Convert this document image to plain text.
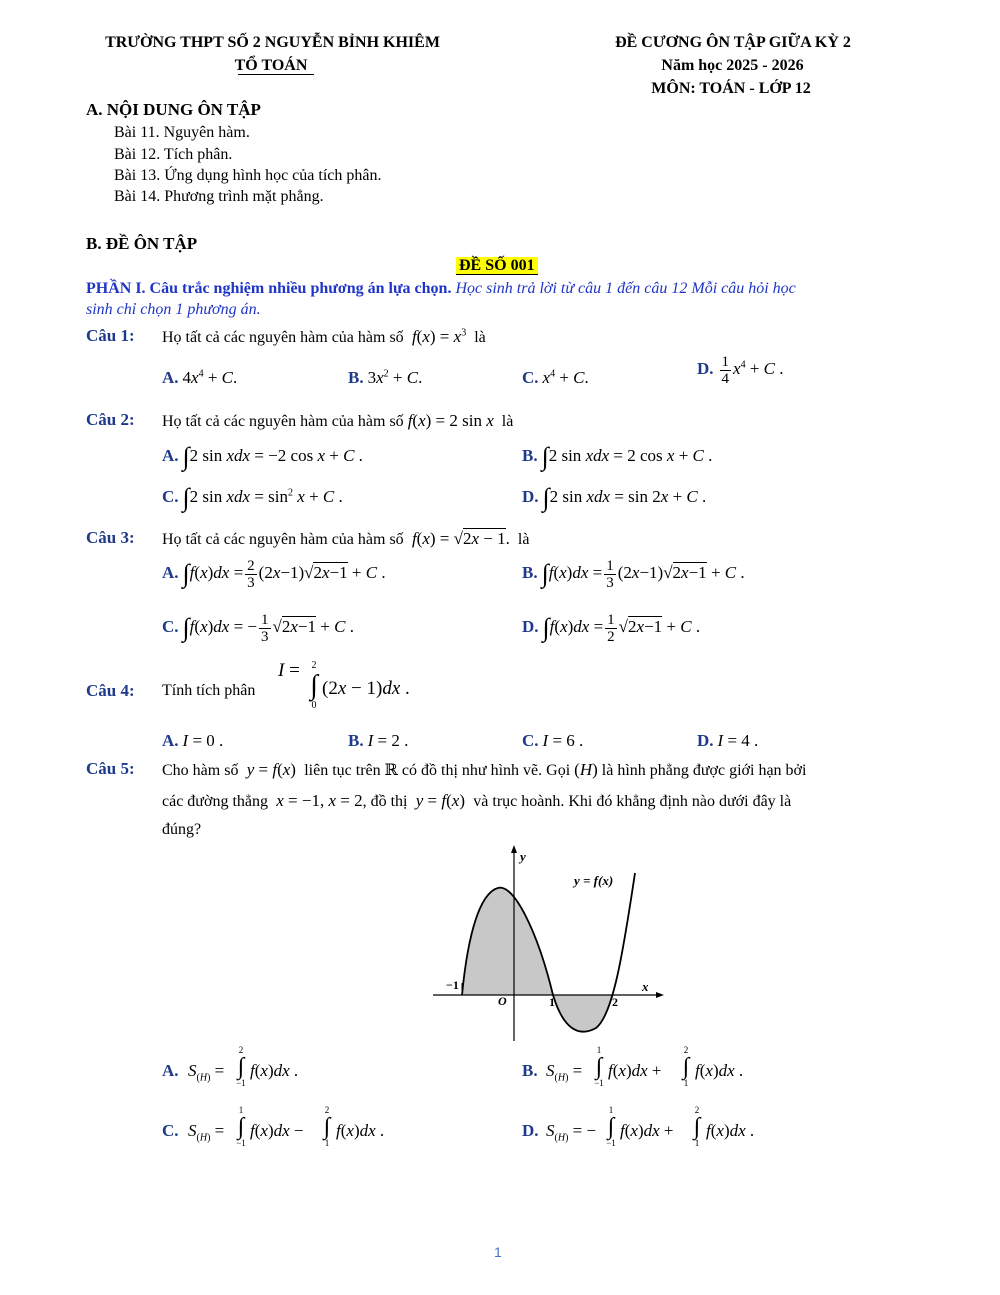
TRƯỜNG THPT SỐ 2 NGUYỄN BỈNH KHIÊM
TỔ TOÁN
ĐỀ CƯƠNG ÔN TẬP GIỮA KỲ 2
Năm học 2025 - 2026
MÔN: TOÁN - LỚP 12
A. NỘI DUNG ÔN TẬP
Bài 11. Nguyên hàm.
Bài 12. Tích phân.
Bài 13. Ứng dụng hình học của tích phân.
Bài 14. Phương trình mặt phẳng.
B. ĐỀ ÔN TẬP
ĐỀ SỐ 001
PHẦN I. Câu trắc nghiệm nhiều phương án lựa chọn. Học sinh trả lời từ câu 1 đến câu 12 Mỗi câu hỏi học
sinh chỉ chọn 1 phương án.
Câu 1: Họ tất cả các nguyên hàm của hàm số $f(x) = x^3$ là
A. $4x^4 + C$.	B. $3x^2 + C$.	C. $x^4 + C$.	D. $\frac{1}{4} x^4 + C$ .
Câu 2: Họ tất cả các nguyên hàm của hàm số f(x) = 2 sin x là
A. ∫2 sin xdx = −2 cos x + C .	B. ∫2 sin xdx = 2 cos x + C .
C. ∫2 sin xdx = $\sin^2 x + C$ .	D. ∫2 sin xdx = sin 2x + C .
Câu 3: Họ tất cả các nguyên hàm của hàm số f(x) = √2x − 1. là
A. $\int f(x)dx = \frac{2}{3} (2x-1)√2x-1 + C$ .	B. $\int f(x)dx = \frac{1}{3} (2x-1)√2x-1 + C$ .
C. ∫f(x)dx = − $\frac{1}{3} √2x-1 + C$ .	D. $\int f(x)dx = \frac{1}{2} √2x-1 + C$ .
Câu 4: Tính tích phân
I =	2
∫
0
(2x − 1)dx .
A. I = 0 .	B. I = 2 .	C. I = 6 .	D. I = 4 .
Câu 5: Cho hàm số y = f(x)  liên tục trên ℝ có đồ thị như hình vẽ. Gọi (H) là hình phẳng được giới hạn bởi
các đường thẳng x = −1, x = 2, đồ thị y = f(x)  và trục hoành. Khi đó khẳng định nào dưới đây là
đúng?
y
y = f(x)
x
O
−1
1	2
A. $S_{(H)}$ =
2
∫
−1
f(x)dx .	B. $S_{(H)}$ =
1
∫
−1
f(x)dx +
2
∫
1
f(x)dx .
C. $S_{(H)}$ =
1
∫
−1
f(x)dx −
2
∫
1
f(x)dx .	D. $S_{(H)}$ = −
1
∫
−1
f(x)dx +
2
∫
1
f(x)dx .
1
